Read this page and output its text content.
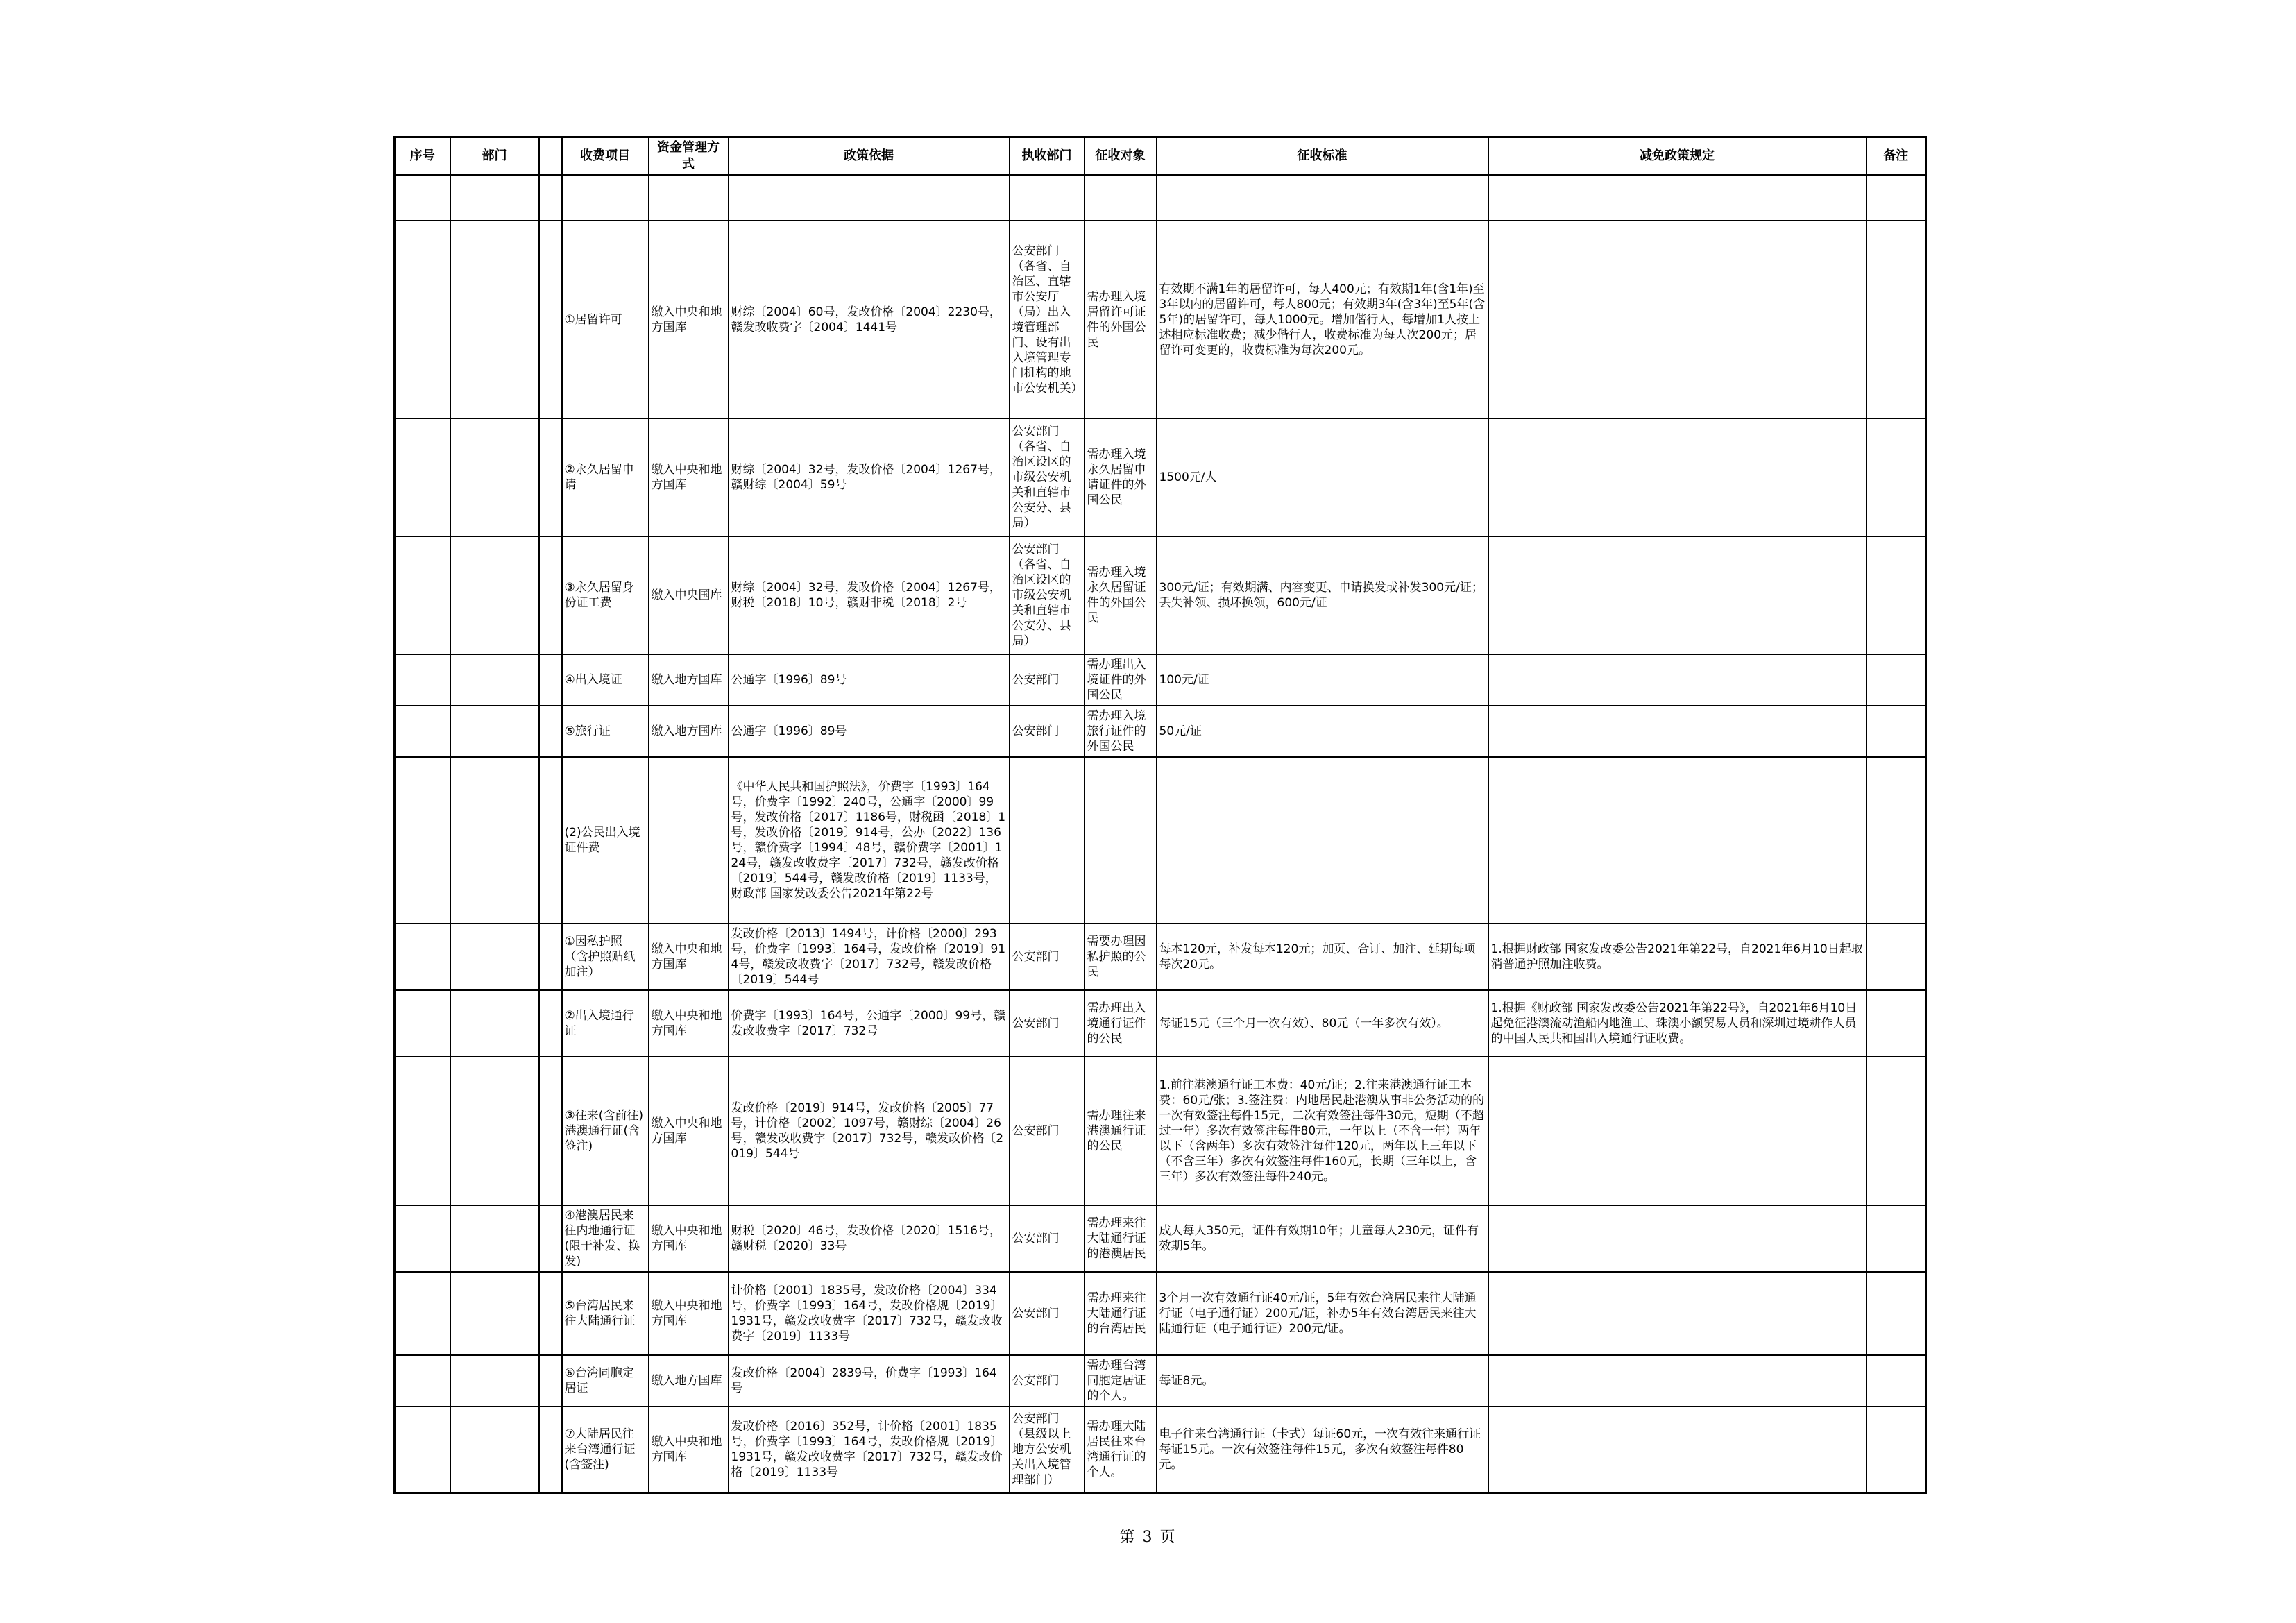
序号	部门		收费项目	资金管理方式	政策依据	执收部门	征收对象	征收标准	减免政策规定	备注

			①居留许可	缴入中央和地方国库	财综〔2004〕60号，发改价格〔2004〕2230号，赣发改收费字〔2004〕1441号	公安部门（各省、自治区、直辖市公安厅（局）出入境管理部门、设有出入境管理专门机构的地市公安机关）	需办理入境居留许可证件的外国公民	有效期不满1年的居留许可，每人400元；有效期1年(含1年)至3年以内的居留许可，每人800元；有效期3年(含3年)至5年(含5年)的居留许可，每人1000元。增加偕行人，每增加1人按上述相应标准收费；减少偕行人，收费标准为每人次200元；居留许可变更的，收费标准为每次200元。		
			②永久居留申请	缴入中央和地方国库	财综〔2004〕32号，发改价格〔2004〕1267号，赣财综〔2004〕59号	公安部门（各省、自治区设区的市级公安机关和直辖市公安分、县局）	需办理入境永久居留申请证件的外国公民	1500元/人		
			③永久居留身份证工费	缴入中央国库	财综〔2004〕32号，发改价格〔2004〕1267号，财税〔2018〕10号，赣财非税〔2018〕2号	公安部门（各省、自治区设区的市级公安机关和直辖市公安分、县局）	需办理入境永久居留证件的外国公民	300元/证；有效期满、内容变更、申请换发或补发300元/证；丢失补领、损坏换领，600元/证		
			④出入境证	缴入地方国库	公通字〔1996〕89号	公安部门	需办理出入境证件的外国公民	100元/证		
			⑤旅行证	缴入地方国库	公通字〔1996〕89号	公安部门	需办理入境旅行证件的外国公民	50元/证		
			(2)公民出入境证件费		《中华人民共和国护照法》，价费字〔1993〕164号，价费字〔1992〕240号，公通字〔2000〕99号，发改价格〔2017〕1186号，财税函〔2018〕1号，发改价格〔2019〕914号，公办〔2022〕136号，赣价费字〔1994〕48号，赣价费字〔2001〕124号，赣发改收费字〔2017〕732号，赣发改价格〔2019〕544号，赣发改价格〔2019〕1133号，财政部 国家发改委公告2021年第22号					
			①因私护照（含护照贴纸加注）	缴入中央和地方国库	发改价格〔2013〕1494号，计价格〔2000〕293号，价费字〔1993〕164号，发改价格〔2019〕914号，赣发改收费字〔2017〕732号，赣发改价格〔2019〕544号	公安部门	需要办理因私护照的公民	每本120元，补发每本120元；加页、合订、加注、延期每项每次20元。	1.根据财政部 国家发改委公告2021年第22号，自2021年6月10日起取消普通护照加注收费。	
			②出入境通行证	缴入中央和地方国库	价费字〔1993〕164号，公通字〔2000〕99号，赣发改收费字〔2017〕732号	公安部门	需办理出入境通行证件的公民	每证15元（三个月一次有效）、80元（一年多次有效）。	1.根据《财政部 国家发改委公告2021年第22号》，自2021年6月10日起免征港澳流动渔船内地渔工、珠澳小额贸易人员和深圳过境耕作人员的中国人民共和国出入境通行证收费。	
			③往来(含前往)港澳通行证(含签注)	缴入中央和地方国库	发改价格〔2019〕914号，发改价格〔2005〕77号，计价格〔2002〕1097号，赣财综〔2004〕26号，赣发改收费字〔2017〕732号，赣发改价格〔2019〕544号	公安部门	需办理往来港澳通行证的公民	1.前往港澳通行证工本费：40元/证；2.往来港澳通行证工本费：60元/张；3.签注费：内地居民赴港澳从事非公务活动的的一次有效签注每件15元，二次有效签注每件30元，短期（不超过一年）多次有效签注每件80元，一年以上（不含一年）两年以下（含两年）多次有效签注每件120元，两年以上三年以下（不含三年）多次有效签注每件160元，长期（三年以上，含三年）多次有效签注每件240元。		
			④港澳居民来往内地通行证(限于补发、换发)	缴入中央和地方国库	财税〔2020〕46号，发改价格〔2020〕1516号，赣财税〔2020〕33号	公安部门	需办理来往大陆通行证的港澳居民	成人每人350元，证件有效期10年；儿童每人230元，证件有效期5年。		
			⑤台湾居民来往大陆通行证	缴入中央和地方国库	计价格〔2001〕1835号，发改价格〔2004〕334号，价费字〔1993〕164号，发改价格规〔2019〕1931号，赣发改收费字〔2017〕732号，赣发改收费字〔2019〕1133号	公安部门	需办理来往大陆通行证的台湾居民	3个月一次有效通行证40元/证，5年有效台湾居民来往大陆通行证（电子通行证）200元/证，补办5年有效台湾居民来往大陆通行证（电子通行证）200元/证。		
			⑥台湾同胞定居证	缴入地方国库	发改价格〔2004〕2839号，价费字〔1993〕164号	公安部门	需办理台湾同胞定居证的个人。	每证8元。		
			⑦大陆居民往来台湾通行证(含签注)	缴入中央和地方国库	发改价格〔2016〕352号，计价格〔2001〕1835号，价费字〔1993〕164号，发改价格规〔2019〕1931号，赣发改收费字〔2017〕732号，赣发改价格〔2019〕1133号	公安部门（县级以上地方公安机关出入境管理部门）	需办理大陆居民往来台湾通行证的个人。	电子往来台湾通行证（卡式）每证60元，一次有效往来通行证每证15元。一次有效签注每件15元，多次有效签注每件80元。		
第 3 页
